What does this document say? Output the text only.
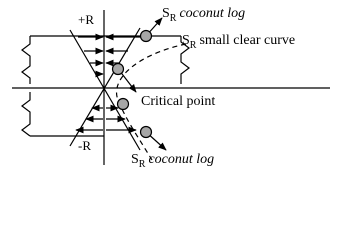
+R
-R
$S_R$ coconut log
$S_R$ small clear curve
Critical point
$S_R$ coconut log
